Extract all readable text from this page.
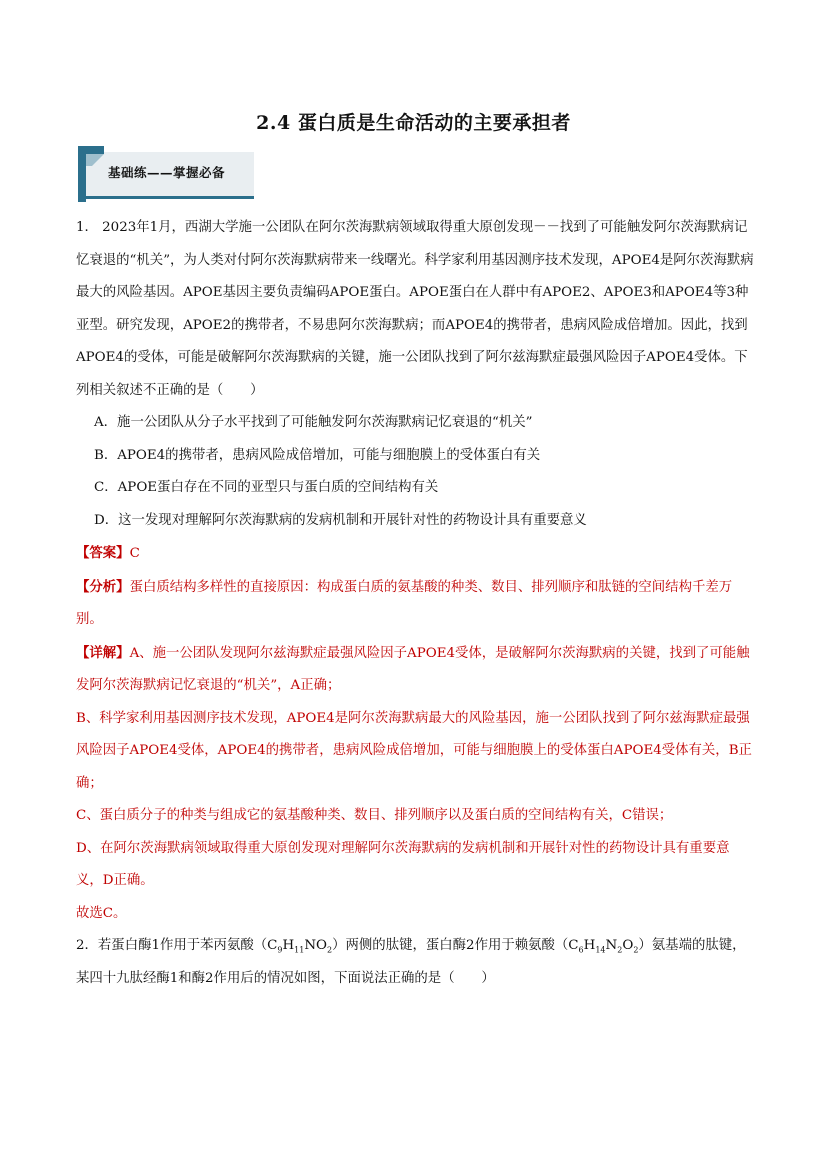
2.4 蛋白质是生命活动的主要承担者
基础练——掌握必备

1． 2023年1月，西湖大学施一公团队在阿尔茨海默病领域取得重大原创发现－－找到了可能触发阿尔茨海默病记忆衰退的“机关”，为人类对付阿尔茨海默病带来一线曙光。科学家利用基因测序技术发现，APOE4是阿尔茨海默病最大的风险基因。APOE基因主要负责编码APOE蛋白。APOE蛋白在人群中有APOE2、APOE3和APOE4等3种亚型。研究发现，APOE2的携带者，不易患阿尔茨海默病；而APOE4的携带者，患病风险成倍增加。因此，找到APOE4的受体，可能是破解阿尔茨海默病的关键，施一公团队找到了阿尔兹海默症最强风险因子APOE4受体。下列相关叙述不正确的是（　　）

A．施一公团队从分子水平找到了可能触发阿尔茨海默病记忆衰退的“机关”

B．APOE4的携带者，患病风险成倍增加，可能与细胞膜上的受体蛋白有关

C．APOE蛋白存在不同的亚型只与蛋白质的空间结构有关

D．这一发现对理解阿尔茨海默病的发病机制和开展针对性的药物设计具有重要意义

【答案】C

【分析】蛋白质结构多样性的直接原因：构成蛋白质的氨基酸的种类、数目、排列顺序和肽链的空间结构千差万别。

【详解】A、施一公团队发现阿尔兹海默症最强风险因子APOE4受体，是破解阿尔茨海默病的关键，找到了可能触发阿尔茨海默病记忆衰退的“机关”，A正确；

B、科学家利用基因测序技术发现，APOE4是阿尔茨海默病最大的风险基因，施一公团队找到了阿尔兹海默症最强风险因子APOE4受体，APOE4的携带者，患病风险成倍增加，可能与细胞膜上的受体蛋白APOE4受体有关，B正确；

C、蛋白质分子的种类与组成它的氨基酸种类、数目、排列顺序以及蛋白质的空间结构有关，C错误；

D、在阿尔茨海默病领域取得重大原创发现对理解阿尔茨海默病的发病机制和开展针对性的药物设计具有重要意义，D正确。

故选C。

2．若蛋白酶1作用于苯丙氨酸$(C_9H_{11}NO_2)$两侧的肽键，蛋白酶2作用于赖氨酸$(C_6H_{14}N_2O_2)$氨基端的肽键，某四十九肽经酶1和酶2作用后的情况如图，下面说法正确的是（　　）
